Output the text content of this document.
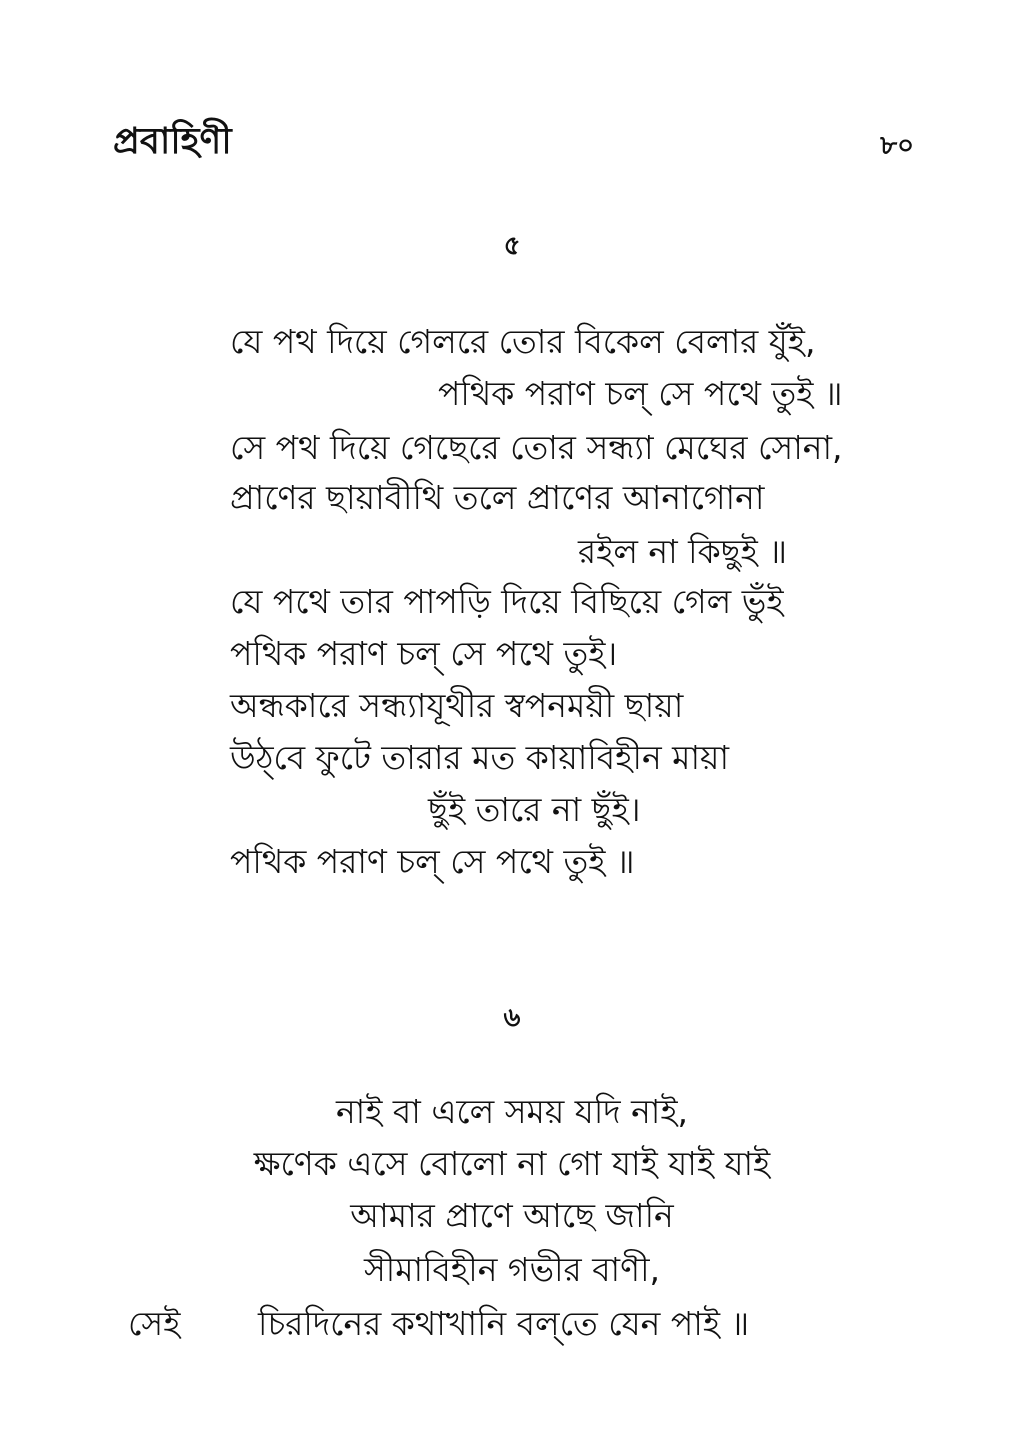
প্রবাহিণী	৮০
৫
যে পথ দিয়ে গেলরে তোর বিকেল বেলার যুঁই,
পথিক পরাণ চল্‌ সে পথে তুই ॥
সে পথ দিয়ে গেছেরে তোর সন্ধ্যা মেঘের সোনা,
প্রাণের ছায়াবীথি তলে প্রাণের আনাগোনা
রইল না কিছুই ॥
যে পথে তার পাপড়ি দিয়ে বিছিয়ে গেল ভুঁই
পথিক পরাণ চল্‌ সে পথে তুই।
অন্ধকারে সন্ধ্যাযূথীর স্বপনময়ী ছায়া
উঠ্‌বে ফুটে তারার মত কায়াবিহীন মায়া
ছুঁই তারে না ছুঁই।
পথিক পরাণ চল্‌ সে পথে তুই ॥
৬
নাই বা এলে সময় যদি নাই,
ক্ষণেক এসে বোলো না গো যাই যাই যাই
আমার প্রাণে আছে জানি
সীমাবিহীন গভীর বাণী,
সেই চিরদিনের কথাখানি বল্‌তে যেন পাই ॥
